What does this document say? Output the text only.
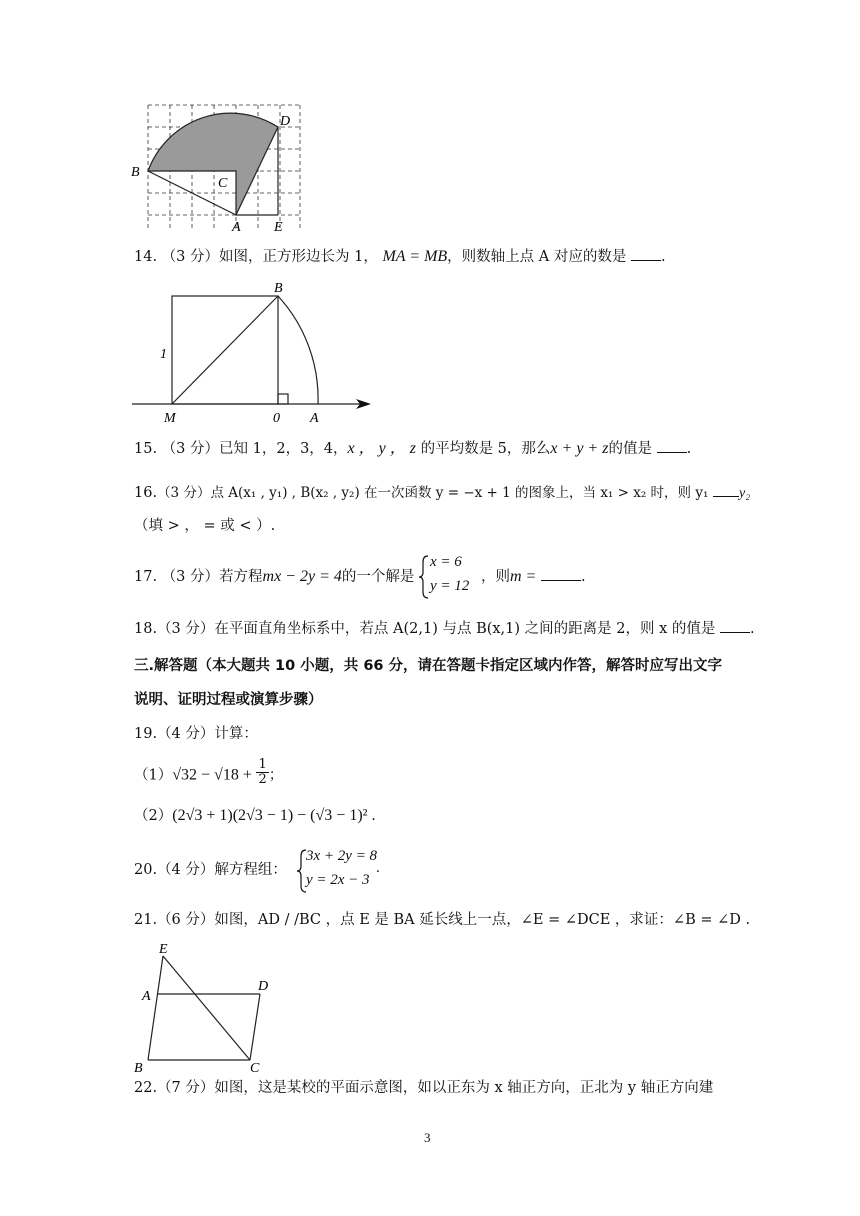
B
C
D
A E
14. （3 分）如图，正方形边长为 1， MA = MB，则数轴上点 A 对应的数是 .
B
1
M	0 A
15. （3 分）已知 1，2，3，4，x ， y ， z 的平均数是 5，那么x + y + z的值是 .
16.（3 分）点 A(x₁ , y₁) , B(x₂ , y₂) 在一次函数 y = −x + 1 的图象上，当 x₁ > x₂ 时，则 y₁ y₂
（填 > ， = 或 < ）.
17. （3 分）若方程mx − 2y = 4的一个解是	，则m =	.
x = 6
y = 12
18.（3 分）在平面直角坐标系中，若点 A(2,1) 与点 B(x,1) 之间的距离是 2，则 x 的值是 .
三.解答题（本大题共 10 小题，共 66 分，请在答题卡指定区域内作答，解答时应写出文字
说明、证明过程或演算步骤）
19.（4 分）计算：
$(1)√32 - √18 + \frac{1}{2}$ ；
（2）(2√3 + 1)(2√3 − 1) − (√3 − 1)² .
20.（4 分）解方程组：
3x + 2y = 8
y = 2x − 3
.
21.（6 分）如图，AD / /BC ，点 E 是 BA 延长线上一点，∠E = ∠DCE ，求证：∠B = ∠D .
E
A
D
B	C
22.（7 分）如图，这是某校的平面示意图，如以正东为 x 轴正方向，正北为 y 轴正方向建
3
